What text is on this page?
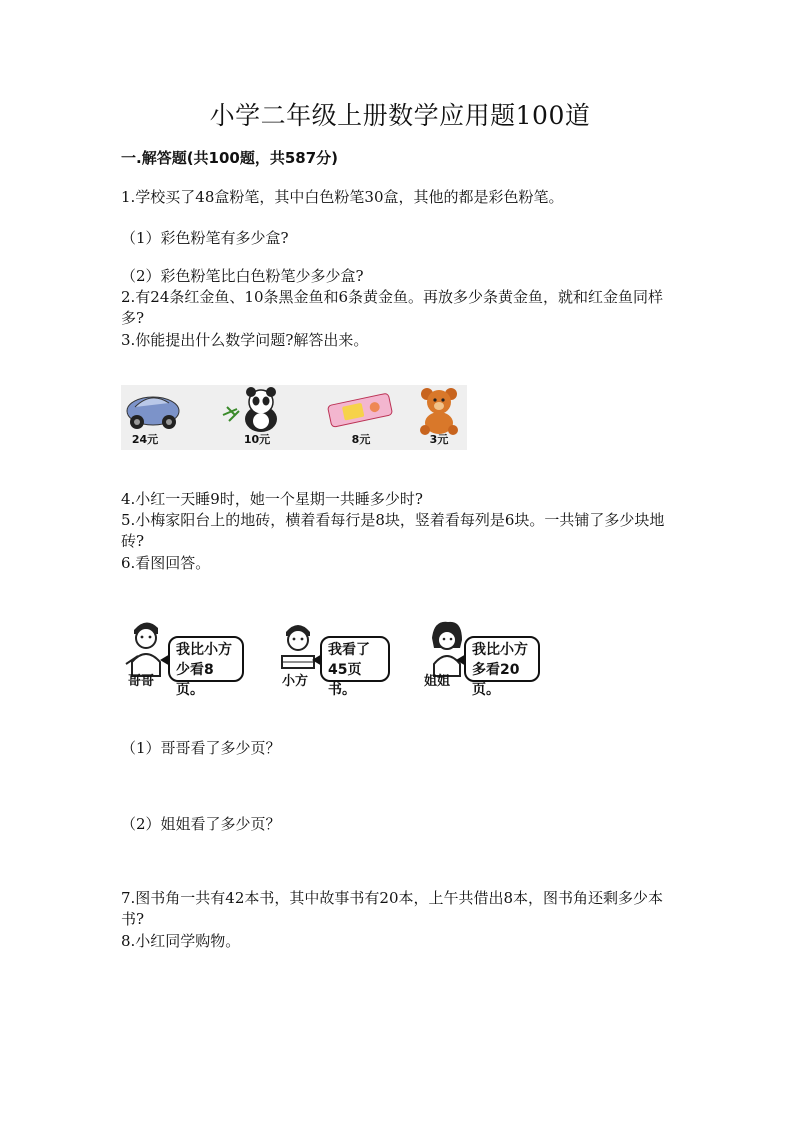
小学二年级上册数学应用题100道
一.解答题(共100题，共587分)
1.学校买了48盒粉笔，其中白色粉笔30盒，其他的都是彩色粉笔。
（1）彩色粉笔有多少盒?
（2）彩色粉笔比白色粉笔少多少盒?
2.有24条红金鱼、10条黑金鱼和6条黄金鱼。再放多少条黄金鱼，就和红金鱼同样多?
3.你能提出什么数学问题?解答出来。
24元	10元	8元	3元
4.小红一天睡9时，她一个星期一共睡多少时?
5.小梅家阳台上的地砖，横着看每行是8块，竖着看每列是6块。一共铺了多少块地砖?
6.看图回答。
哥哥
我比小方
少看8页。
小方
我看了
45页书。
姐姐
我比小方
多看20页。
（1）哥哥看了多少页？
（2）姐姐看了多少页？
7.图书角一共有42本书，其中故事书有20本，上午共借出8本，图书角还剩多少本书?
8.小红同学购物。
